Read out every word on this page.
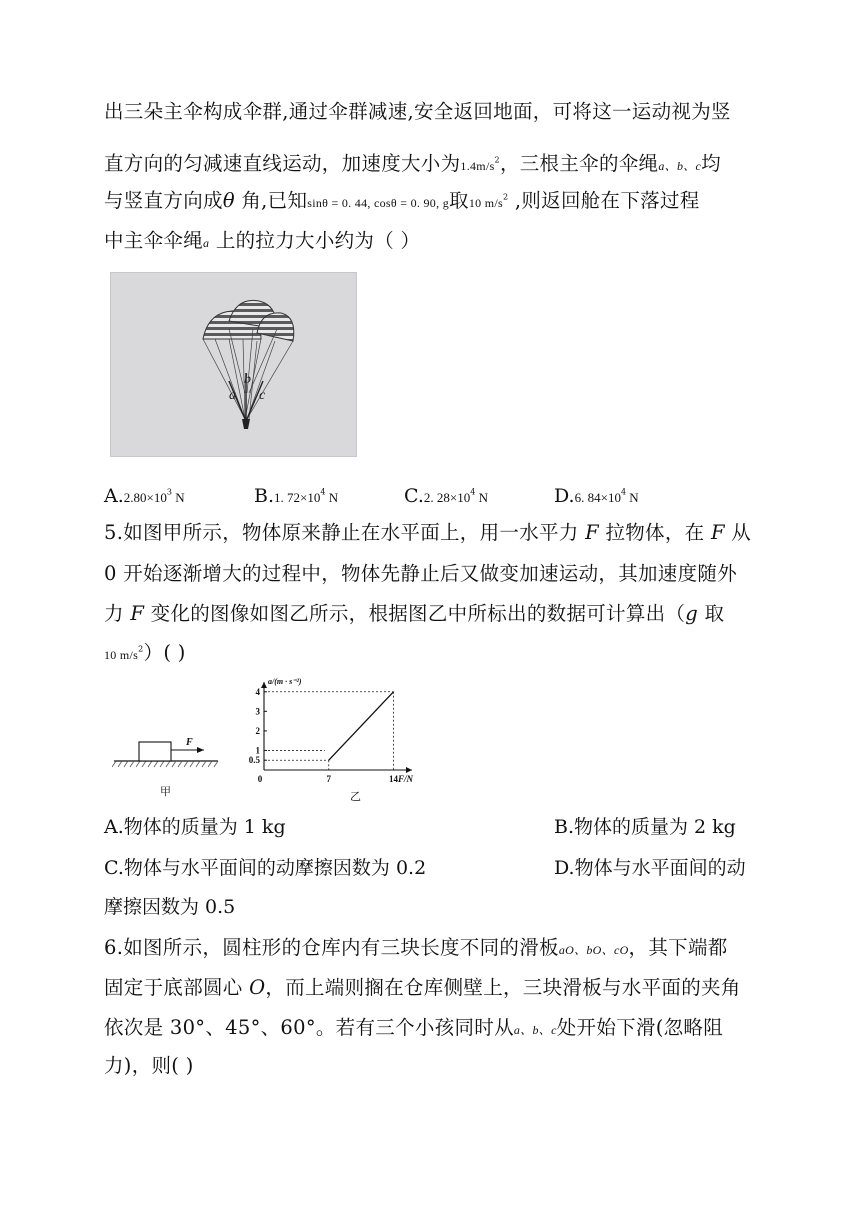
出三朵主伞构成伞群,通过伞群减速,安全返回地面，可将这一运动视为竖
直方向的匀减速直线运动，加速度大小为$1.4m/s^2$，三根主伞的伞绳a、b、c均
与竖直方向成θ 角,已知sinθ = 0. 44, cosθ = 0. 90, g取10 $m/s^2$ ,则返回舱在下落过程
中主伞伞绳a 上的拉力大小约为（ ）
a
b
c
$A.2.80\times 10^3$ N	B.1. $72\times 10^4$ N	C.2. $28\times 10^4$ N	D.6. $84\times 10^4$ N
5.如图甲所示，物体原来静止在水平面上，用一水平力 F 拉物体，在 F 从
0 开始逐渐增大的过程中，物体先静止后又做变加速运动，其加速度随外
力 F 变化的图像如图乙所示，根据图乙中所标出的数据可计算出（g 取
10 $m/s^2$）( )
F
甲
a/(m · s⁻²)
F/N
0.5
1
2
3
4
0	7	14
乙
A.物体的质量为 1 kg	B.物体的质量为 2 kg
C.物体与水平面间的动摩擦因数为 0.2	D.物体与水平面间的动
摩擦因数为 0.5
6.如图所示，圆柱形的仓库内有三块长度不同的滑板aO、bO、cO，其下端都
固定于底部圆心 O，而上端则搁在仓库侧壁上，三块滑板与水平面的夹角
依次是 30°、45°、60°。若有三个小孩同时从a、b、c处开始下滑(忽略阻
力)，则( )
